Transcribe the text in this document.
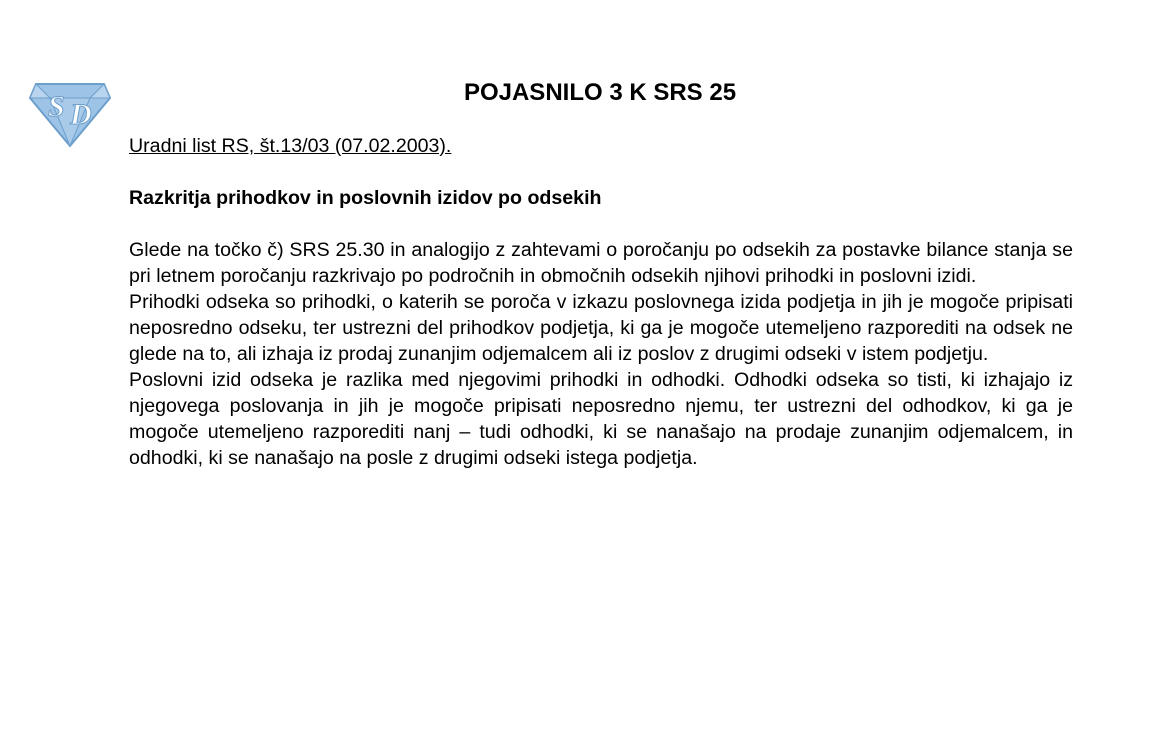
S D
POJASNILO 3 K SRS 25

Uradni list RS, št.13/03 (07.02.2003).

Razkritja prihodkov in poslovnih izidov po odsekih

Glede na točko č) SRS 25.30 in analogijo z zahtevami o poročanju po odsekih za postavke bilance stanja se pri letnem poročanju razkrivajo po področnih in območnih odsekih njihovi prihodki in poslovni izidi.

Prihodki odseka so prihodki, o katerih se poroča v izkazu poslovnega izida podjetja in jih je mogoče pripisati neposredno odseku, ter ustrezni del prihodkov podjetja, ki ga je mogoče utemeljeno razporediti na odsek ne glede na to, ali izhaja iz prodaj zunanjim odjemalcem ali iz poslov z drugimi odseki v istem podjetju.

Poslovni izid odseka je razlika med njegovimi prihodki in odhodki. Odhodki odseka so tisti, ki izhajajo iz njegovega poslovanja in jih je mogoče pripisati neposredno njemu, ter ustrezni del odhodkov, ki ga je mogoče utemeljeno razporediti nanj – tudi odhodki, ki se nanašajo na prodaje zunanjim odjemalcem, in odhodki, ki se nanašajo na posle z drugimi odseki istega podjetja.
